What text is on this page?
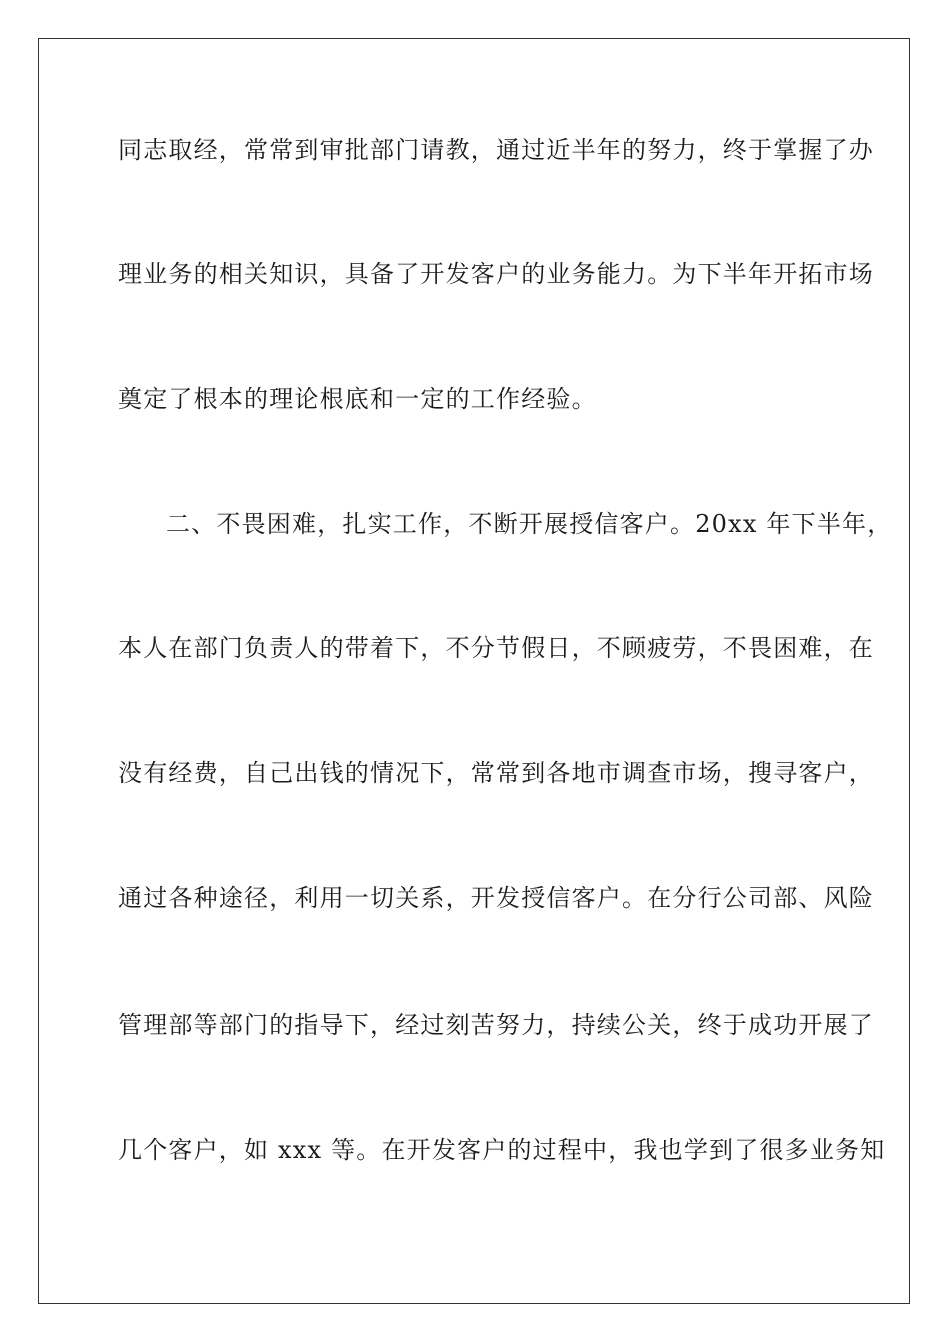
同志取经，常常到审批部门请教，通过近半年的努力，终于掌握了办
理业务的相关知识，具备了开发客户的业务能力。为下半年开拓市场
奠定了根本的理论根底和一定的工作经验。
二、不畏困难，扎实工作，不断开展授信客户。20xx 年下半年，
本人在部门负责人的带着下，不分节假日，不顾疲劳，不畏困难，在
没有经费，自己出钱的情况下，常常到各地市调查市场，搜寻客户，
通过各种途径，利用一切关系，开发授信客户。在分行公司部、风险
管理部等部门的指导下，经过刻苦努力，持续公关，终于成功开展了
几个客户，如 xxx 等。在开发客户的过程中，我也学到了很多业务知
